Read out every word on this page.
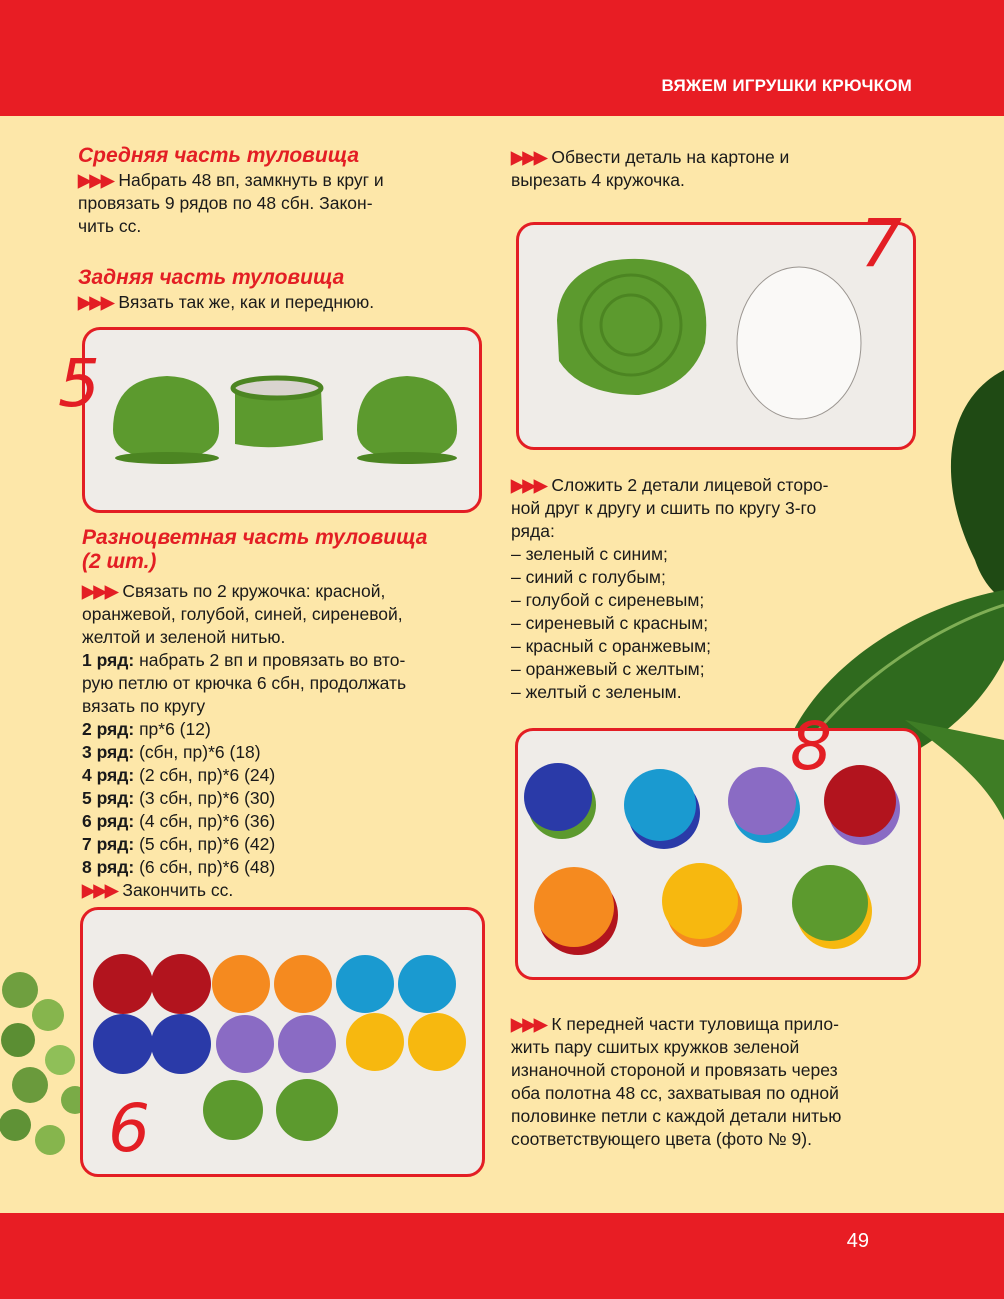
ВЯЖЕМ ИГРУШКИ КРЮЧКОМ
49
Средняя часть туловища

▶▶▶ Набрать 48 вп, замкнуть в круг и

провязать 9 рядов по 48 сбн. Закон-

чить сс.

Задняя часть туловища

▶▶▶ Вязать так же, как и переднюю.

5
Разноцветная часть туловища
(2 шт.)

▶▶▶ Связать по 2 кружочка: красной,

оранжевой, голубой, синей, сиреневой,

желтой и зеленой нитью.

1 ряд: набрать 2 вп и провязать во вто-

рую петлю от крючка 6 сбн, продолжать

вязать по кругу

2 ряд: пр*6 (12)

3 ряд: (сбн, пр)*6 (18)

4 ряд: (2 сбн, пр)*6 (24)

5 ряд: (3 сбн, пр)*6 (30)

6 ряд: (4 сбн, пр)*6 (36)

7 ряд: (5 сбн, пр)*6 (42)

8 ряд: (6 сбн, пр)*6 (48)

▶▶▶ Закончить сс.

6

▶▶▶ Обвести деталь на картоне и

вырезать 4 кружочка.

7

▶▶▶ Сложить 2 детали лицевой сторо-

ной друг к другу и сшить по кругу 3-го

ряда:

– зеленый с синим;

– синий с голубым;

– голубой с сиреневым;

– сиреневый с красным;

– красный с оранжевым;

– оранжевый с желтым;

– желтый с зеленым.

8

▶▶▶ К передней части туловища прило-

жить пару сшитых кружков зеленой

изнаночной стороной и провязать через

оба полотна 48 сс, захватывая по одной

половинке петли с каждой детали нитью

соответствующего цвета (фото № 9).
